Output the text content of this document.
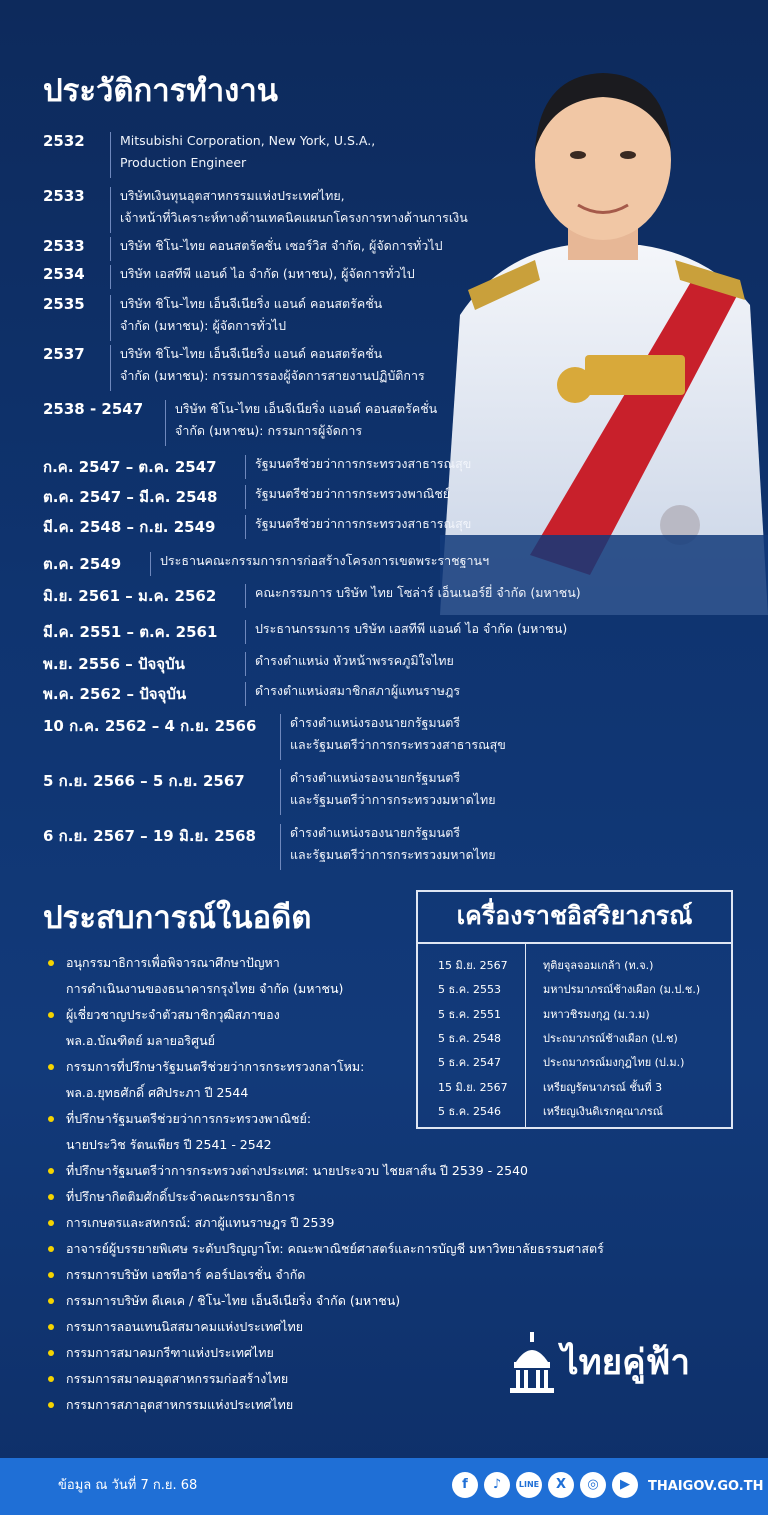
ประวัติการทำงาน
2532	Mitsubishi Corporation, New York, U.S.A.,
Production Engineer
2533	บริษัทเงินทุนอุตสาหกรรมแห่งประเทศไทย,
เจ้าหน้าที่วิเคราะห์ทางด้านเทคนิคแผนกโครงการทางด้านการเงิน
2533	บริษัท ชิโน-ไทย คอนสตรัคชั่น เซอร์วิส จำกัด, ผู้จัดการทั่วไป
2534	บริษัท เอสทีพี แอนด์ ไอ จำกัด (มหาชน), ผู้จัดการทั่วไป
2535	บริษัท ชิโน-ไทย เอ็นจีเนียริ่ง แอนด์ คอนสตรัคชั่น
จำกัด (มหาชน): ผู้จัดการทั่วไป
2537	บริษัท ชิโน-ไทย เอ็นจีเนียริ่ง แอนด์ คอนสตรัคชั่น
จำกัด (มหาชน): กรรมการรองผู้จัดการสายงานปฏิบัติการ
2538 - 2547	บริษัท ชิโน-ไทย เอ็นจีเนียริ่ง แอนด์ คอนสตรัคชั่น
จำกัด (มหาชน): กรรมการผู้จัดการ
ก.ค. 2547 – ต.ค. 2547	รัฐมนตรีช่วยว่าการกระทรวงสาธารณสุข
ต.ค. 2547 – มี.ค. 2548	รัฐมนตรีช่วยว่าการกระทรวงพาณิชย์
มี.ค. 2548 – ก.ย. 2549	รัฐมนตรีช่วยว่าการกระทรวงสาธารณสุข
ต.ค. 2549	ประธานคณะกรรมการการก่อสร้างโครงการเขตพระราชฐานฯ
มิ.ย. 2561 – ม.ค. 2562	คณะกรรมการ บริษัท ไทย โซล่าร์ เอ็นเนอร์ยี่ จำกัด (มหาชน)
มี.ค. 2551 – ต.ค. 2561	ประธานกรรมการ บริษัท เอสทีพี แอนด์ ไอ จำกัด (มหาชน)
พ.ย. 2556 – ปัจจุบัน	ดำรงตำแหน่ง หัวหน้าพรรคภูมิใจไทย
พ.ค. 2562 – ปัจจุบัน	ดำรงตำแหน่งสมาชิกสภาผู้แทนราษฎร
10 ก.ค. 2562 – 4 ก.ย. 2566	ดำรงตำแหน่งรองนายกรัฐมนตรี
และรัฐมนตรีว่าการกระทรวงสาธารณสุข
5 ก.ย. 2566 – 5 ก.ย. 2567	ดำรงตำแหน่งรองนายกรัฐมนตรี
และรัฐมนตรีว่าการกระทรวงมหาดไทย
6 ก.ย. 2567 – 19 มิ.ย. 2568	ดำรงตำแหน่งรองนายกรัฐมนตรี
และรัฐมนตรีว่าการกระทรวงมหาดไทย
ประสบการณ์ในอดีต
อนุกรรมาธิการเพื่อพิจารณาศึกษาปัญหา
การดำเนินงานของธนาคารกรุงไทย จำกัด (มหาชน)
ผู้เชี่ยวชาญประจำตัวสมาชิกวุฒิสภาของ
พล.อ.บัณฑิตย์ มลายอริศูนย์
กรรมการที่ปรึกษารัฐมนตรีช่วยว่าการกระทรวงกลาโหม:
พล.อ.ยุทธศักดิ์ ศศิประภา ปี 2544
ที่ปรึกษารัฐมนตรีช่วยว่าการกระทรวงพาณิชย์:
นายประวิช รัตนเพียร ปี 2541 - 2542
ที่ปรึกษารัฐมนตรีว่าการกระทรวงต่างประเทศ: นายประจวบ ไชยสาส์น ปี 2539 - 2540
ที่ปรึกษากิตติมศักดิ์ประจำคณะกรรมาธิการ
การเกษตรและสหกรณ์: สภาผู้แทนราษฎร ปี 2539
อาจารย์ผู้บรรยายพิเศษ ระดับปริญญาโท: คณะพาณิชย์ศาสตร์และการบัญชี มหาวิทยาลัยธรรมศาสตร์
กรรมการบริษัท เอชทีอาร์ คอร์ปอเรชั่น จำกัด
กรรมการบริษัท ดีเคเค / ชิโน-ไทย เอ็นจีเนียริ่ง จำกัด (มหาชน)
กรรมการลอนเทนนิสสมาคมแห่งประเทศไทย
กรรมการสมาคมกรีฑาแห่งประเทศไทย
กรรมการสมาคมอุตสาหกรรมก่อสร้างไทย
กรรมการสภาอุตสาหกรรมแห่งประเทศไทย
เครื่องราชอิสริยาภรณ์
15 มิ.ย. 2567	ทุติยจุลจอมเกล้า (ท.จ.)
5 ธ.ค. 2553	มหาปรมาภรณ์ช้างเผือก (ม.ป.ช.)
5 ธ.ค. 2551	มหาวชิรมงกุฎ (ม.ว.ม)
5 ธ.ค. 2548	ประถมาภรณ์ช้างเผือก (ป.ช)
5 ธ.ค. 2547	ประถมาภรณ์มงกุฎไทย (ป.ม.)
15 มิ.ย. 2567	เหรียญรัตนาภรณ์ ชั้นที่ 3
5 ธ.ค. 2546	เหรียญเงินดิเรกคุณาภรณ์
ไทยคู่ฟ้า
ข้อมูล ณ วันที่ 7 ก.ย. 68	f	♪	LINE	X	◎	▶	THAIGOV.GO.TH
